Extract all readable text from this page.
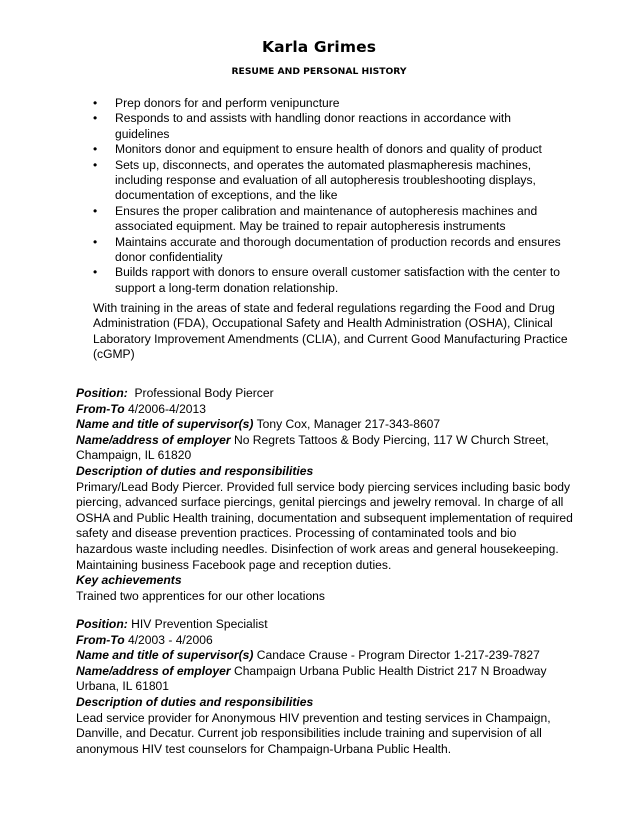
Karla Grimes
RESUME AND PERSONAL HISTORY
• Prep donors for and perform venipuncture
• Responds to and assists with handling donor reactions in accordance with guidelines
• Monitors donor and equipment to ensure health of donors and quality of product
• Sets up, disconnects, and operates the automated plasmapheresis machines, including response and evaluation of all autopheresis troubleshooting displays, documentation of exceptions, and the like
• Ensures the proper calibration and maintenance of autopheresis machines and associated equipment. May be trained to repair autopheresis instruments
• Maintains accurate and thorough documentation of production records and ensures donor confidentiality
• Builds rapport with donors to ensure overall customer satisfaction with the center to support a long-term donation relationship.

With training in the areas of state and federal regulations regarding the Food and Drug Administration (FDA), Occupational Safety and Health Administration (OSHA), Clinical Laboratory Improvement Amendments (CLIA), and Current Good Manufacturing Practice (cGMP)

Position: Professional Body Piercer

From-To 4/2006-4/2013

Name and title of supervisor(s) Tony Cox, Manager 217-343-8607

Name/address of employer No Regrets Tattoos & Body Piercing, 117 W Church Street, Champaign, IL 61820

Description of duties and responsibilities

Primary/Lead Body Piercer. Provided full service body piercing services including basic body piercing, advanced surface piercings, genital piercings and jewelry removal. In charge of all OSHA and Public Health training, documentation and subsequent implementation of required safety and disease prevention practices. Processing of contaminated tools and bio hazardous waste including needles. Disinfection of work areas and general housekeeping. Maintaining business Facebook page and reception duties.

Key achievements

Trained two apprentices for our other locations

Position: HIV Prevention Specialist

From-To 4/2003 - 4/2006

Name and title of supervisor(s) Candace Crause - Program Director 1-217-239-7827

Name/address of employer Champaign Urbana Public Health District 217 N Broadway Urbana, IL 61801

Description of duties and responsibilities

Lead service provider for Anonymous HIV prevention and testing services in Champaign, Danville, and Decatur. Current job responsibilities include training and supervision of all anonymous HIV test counselors for Champaign-Urbana Public Health.
